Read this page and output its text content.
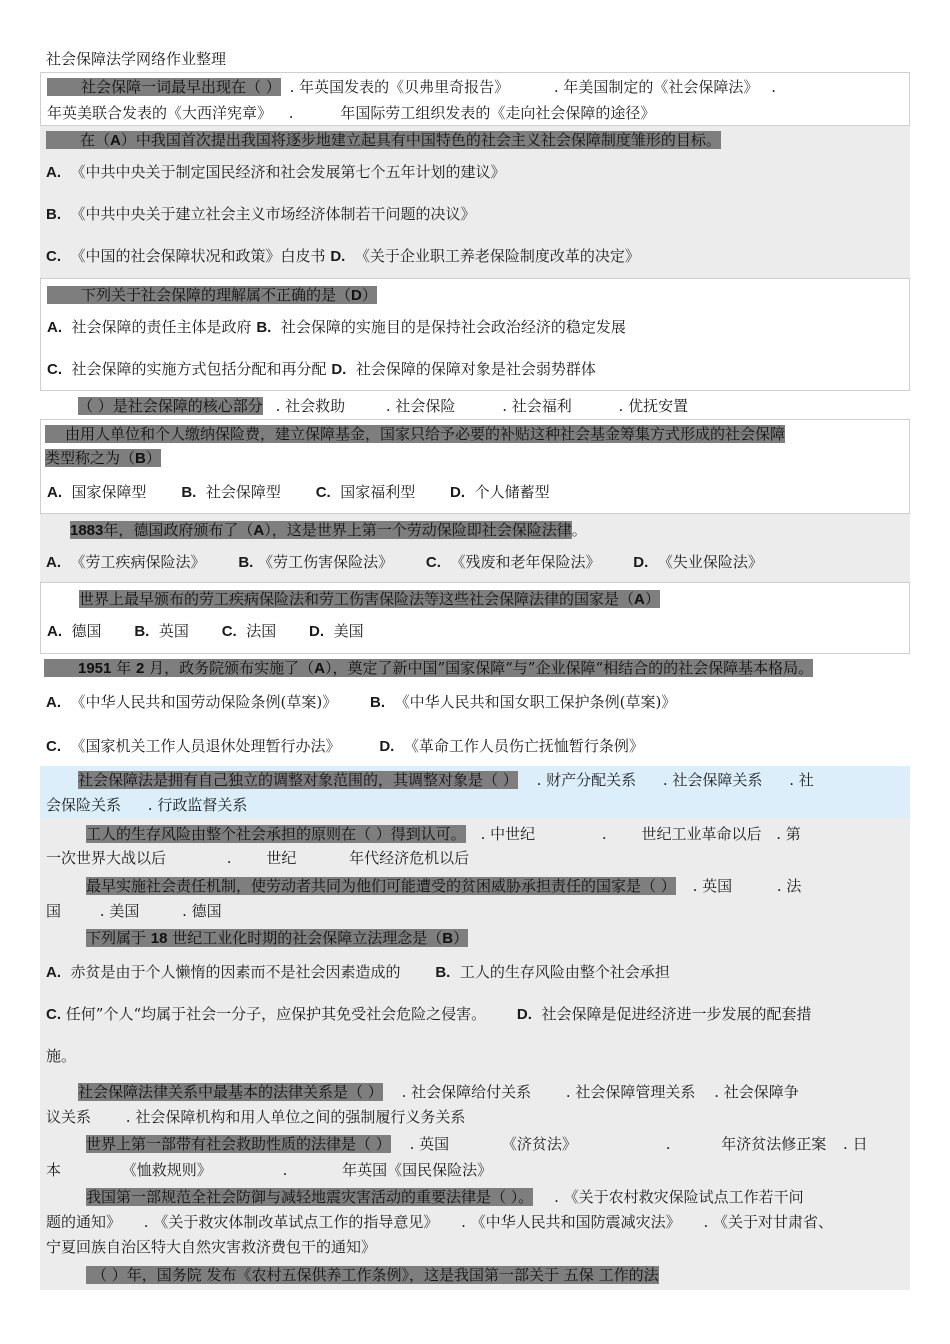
社会保障法学网络作业整理
社会保障一词最早出现在（ ） . 年英国发表的《贝弗里奇报告》	. 年美国制定的《社会保障法》 .
年英美联合发表的《大西洋宪章》 .	年国际劳工组织发表的《走向社会保障的途径》
在（A）中我国首次提出我国将逐步地建立起具有中国特色的社会主义社会保障制度雏形的目标。
A. 《中共中央关于制定国民经济和社会发展第七个五年计划的建议》
B. 《中共中央关于建立社会主义市场经济体制若干问题的决议》
C. 《中国的社会保障状况和政策》白皮书 D. 《关于企业职工养老保险制度改革的决定》
下列关于社会保障的理解属不正确的是（D）
A. 社会保障的责任主体是政府 B. 社会保障的实施目的是保持社会政治经济的稳定发展
C. 社会保障的实施方式包括分配和再分配 D. 社会保障的保障对象是社会弱势群体
（ ）是社会保障的核心部分 . 社会救助	. 社会保险	. 社会福利	. 优抚安置
由用人单位和个人缴纳保险费，建立保障基金，国家只给予必要的补贴这种社会基金筹集方式形成的社会保障
类型称之为（B）
A. 国家保障型 B. 社会保障型 C. 国家福利型 D. 个人储蓄型
1883年，德国政府颁布了（A），这是世界上第一个劳动保险即社会保险法律。
A. 《劳工疾病保险法》 B. 《劳工伤害保险法》 C. 《残废和老年保险法》 D. 《失业保险法》
世界上最早颁布的劳工疾病保险法和劳工伤害保险法等这些社会保障法律的国家是（A）
A. 德国 B. 英国 C. 法国 D. 美国
1951 年 2 月，政务院颁布实施了（A），奠定了新中国”国家保障“与”企业保障“相结合的的社会保障基本格局。
A. 《中华人民共和国劳动保险条例(草案)》 B. 《中华人民共和国女职工保护条例(草案)》
C. 《国家机关工作人员退休处理暂行办法》	D. 《革命工作人员伤亡抚恤暂行条例》
社会保障法是拥有自己独立的调整对象范围的，其调整对象是（ ） . 财产分配关系 . 社会保障关系 . 社
会保险关系 . 行政监督关系
工人的生存风险由整个社会承担的原则在（ ）得到认可。 . 中世纪	. 世纪工业革命以后 . 第
一次世界大战以后	. 世纪	年代经济危机以后
最早实施社会责任机制，使劳动者共同为他们可能遭受的贫困威胁承担责任的国家是（ ） . 英国	. 法
国	. 美国	. 德国
下列属于 18 世纪工业化时期的社会保障立法理念是（B）
A. 赤贫是由于个人懒惰的因素而不是社会因素造成的 B. 工人的生存风险由整个社会承担
C. 任何”个人“均属于社会一分子，应保护其免受社会危险之侵害。 D. 社会保障是促进经济进一步发展的配套措
施。
社会保障法律关系中最基本的法律关系是（ ） . 社会保障给付关系 . 社会保障管理关系 . 社会保障争
议关系 . 社会保障机构和用人单位之间的强制履行义务关系
世界上第一部带有社会救助性质的法律是（ ） . 英国	《济贫法》	.	年济贫法修正案 . 日
本	《恤救规则》	.	年英国《国民保险法》
我国第一部规范全社会防御与减轻地震灾害活动的重要法律是（ ）。 . 《关于农村救灾保险试点工作若干问
题的通知》 . 《关于救灾体制改革试点工作的指导意见》 . 《中华人民共和国防震减灾法》 . 《关于对甘肃省、
宁夏回族自治区特大自然灾害救济费包干的通知》
（ ）年，国务院 发布《农村五保供养工作条例》，这是我国第一部关于 五保 工作的法
